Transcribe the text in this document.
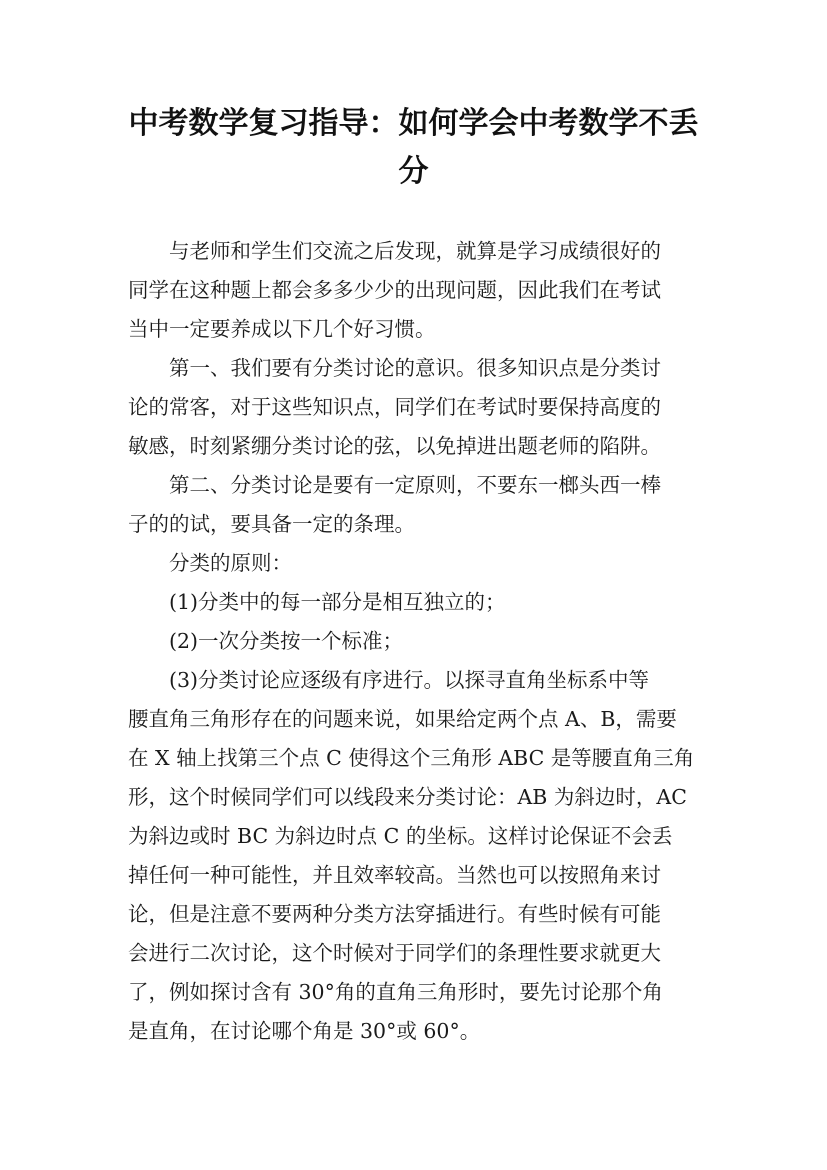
中考数学复习指导：如何学会中考数学不丢
分

　　与老师和学生们交流之后发现，就算是学习成绩很好的
同学在这种题上都会多多少少的出现问题，因此我们在考试
当中一定要养成以下几个好习惯。

　　第一、我们要有分类讨论的意识。很多知识点是分类讨
论的常客，对于这些知识点，同学们在考试时要保持高度的
敏感，时刻紧绷分类讨论的弦，以免掉进出题老师的陷阱。

　　第二、分类讨论是要有一定原则，不要东一榔头西一棒
子的的试，要具备一定的条理。

　　分类的原则：

　　(1)分类中的每一部分是相互独立的；

　　(2)一次分类按一个标准；

　　(3)分类讨论应逐级有序进行。以探寻直角坐标系中等
腰直角三角形存在的问题来说，如果给定两个点 A、B，需要
在 X 轴上找第三个点 C 使得这个三角形 ABC 是等腰直角三角
形，这个时候同学们可以线段来分类讨论：AB 为斜边时，AC
为斜边或时 BC 为斜边时点 C 的坐标。这样讨论保证不会丢
掉任何一种可能性，并且效率较高。当然也可以按照角来讨
论，但是注意不要两种分类方法穿插进行。有些时候有可能
会进行二次讨论，这个时候对于同学们的条理性要求就更大
了，例如探讨含有 30°角的直角三角形时，要先讨论那个角
是直角，在讨论哪个角是 30°或 60°。
